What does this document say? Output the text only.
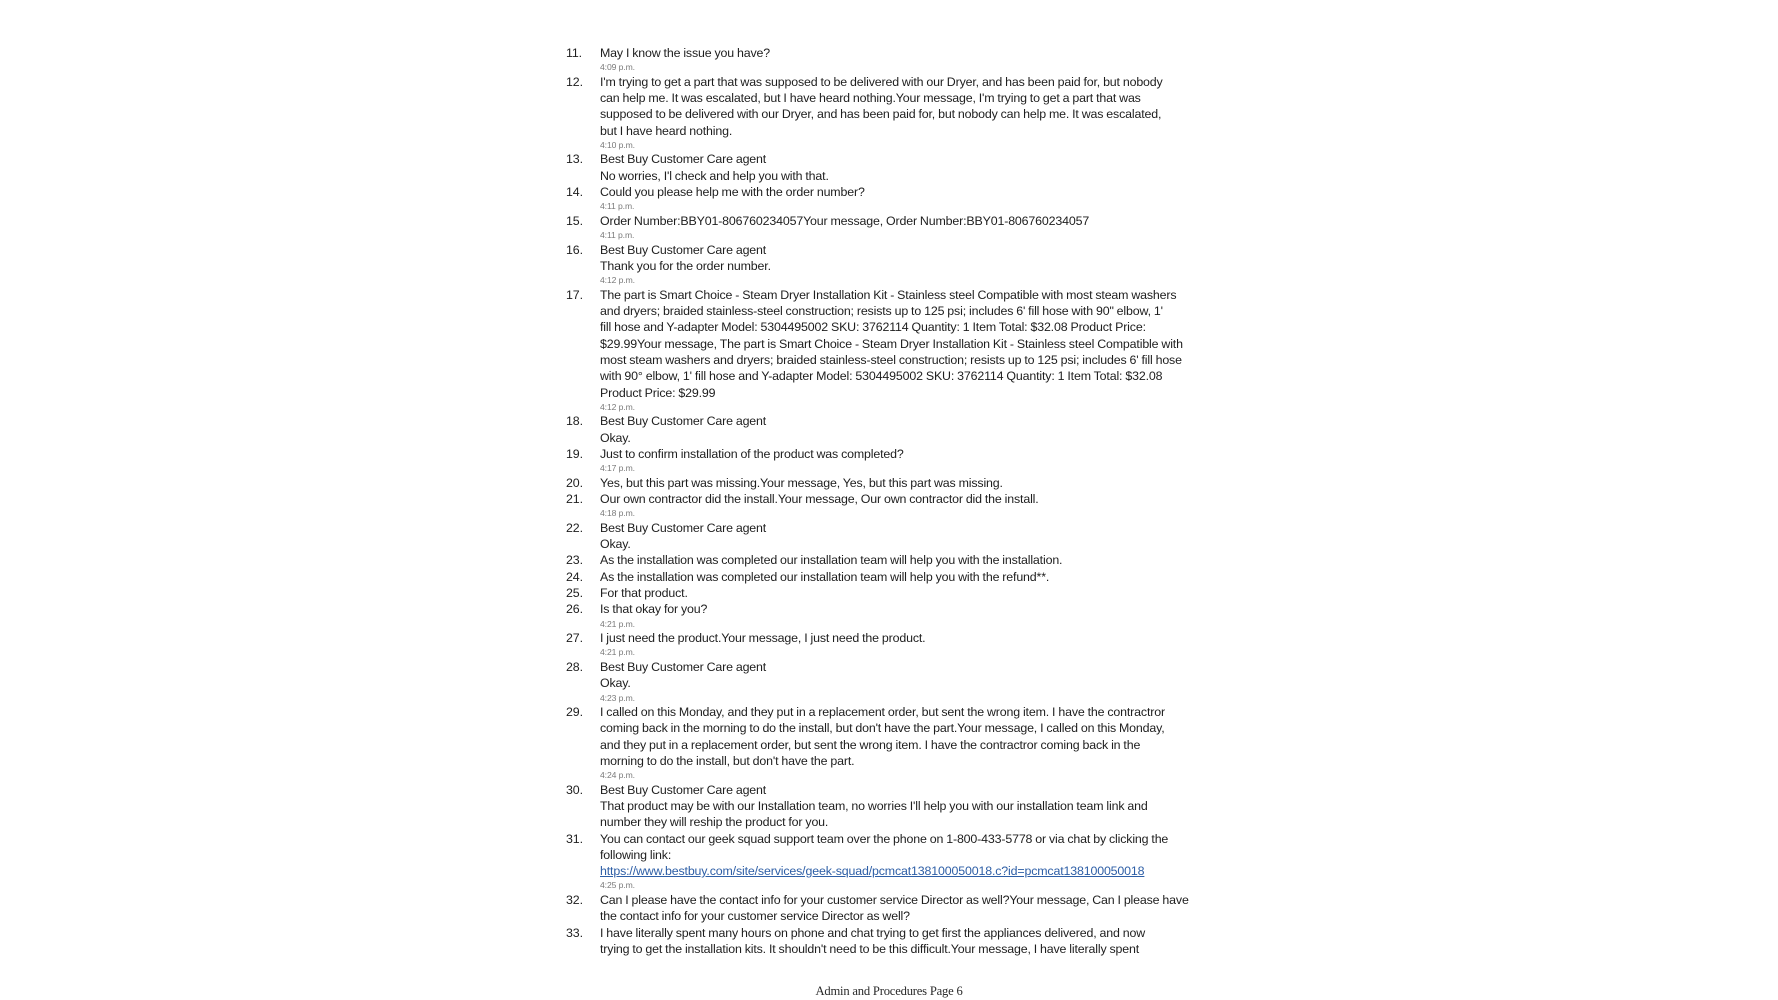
11.	May I know the issue you have?
4:09 p.m.
12.	I'm trying to get a part that was supposed to be delivered with our Dryer, and has been paid for, but nobody
can help me. It was escalated, but I have heard nothing.Your message, I'm trying to get a part that was
supposed to be delivered with our Dryer, and has been paid for, but nobody can help me. It was escalated,
but I have heard nothing.
4:10 p.m.
13.	Best Buy Customer Care agent
No worries, I'l check and help you with that.
14.	Could you please help me with the order number?
4:11 p.m.
15.	Order Number:BBY01-806760234057Your message, Order Number:BBY01-806760234057
4:11 p.m.
16.	Best Buy Customer Care agent
Thank you for the order number.
4:12 p.m.
17.	The part is Smart Choice - Steam Dryer Installation Kit - Stainless steel Compatible with most steam washers
and dryers; braided stainless-steel construction; resists up to 125 psi; includes 6' fill hose with 90" elbow, 1'
fill hose and Y-adapter Model: 5304495002 SKU: 3762114 Quantity: 1 Item Total: $32.08 Product Price:
$29.99Your message, The part is Smart Choice - Steam Dryer Installation Kit - Stainless steel Compatible with
most steam washers and dryers; braided stainless-steel construction; resists up to 125 psi; includes 6' fill hose
with 90° elbow, 1' fill hose and Y-adapter Model: 5304495002 SKU: 3762114 Quantity: 1 Item Total: $32.08
Product Price: $29.99
4:12 p.m.
18.	Best Buy Customer Care agent
Okay.
19.	Just to confirm installation of the product was completed?
4:17 p.m.
20.	Yes, but this part was missing.Your message, Yes, but this part was missing.
21.	Our own contractor did the install.Your message, Our own contractor did the install.
4:18 p.m.
22.	Best Buy Customer Care agent
Okay.
23.	As the installation was completed our installation team will help you with the installation.
24.	As the installation was completed our installation team will help you with the refund**.
25.	For that product.
26.	Is that okay for you?
4:21 p.m.
27.	I just need the product.Your message, I just need the product.
4:21 p.m.
28.	Best Buy Customer Care agent
Okay.
4:23 p.m.
29.	I called on this Monday, and they put in a replacement order, but sent the wrong item. I have the contractror
coming back in the morning to do the install, but don't have the part.Your message, I called on this Monday,
and they put in a replacement order, but sent the wrong item. I have the contractror coming back in the
morning to do the install, but don't have the part.
4:24 p.m.
30.	Best Buy Customer Care agent
That product may be with our Installation team, no worries I'll help you with our installation team link and
number they will reship the product for you.
31.	You can contact our geek squad support team over the phone on 1-800-433-5778 or via chat by clicking the
following link:
https://www.bestbuy.com/site/services/geek-squad/pcmcat138100050018.c?id=pcmcat138100050018
4:25 p.m.
32.	Can I please have the contact info for your customer service Director as well?Your message, Can I please have
the contact info for your customer service Director as well?
33.	I have literally spent many hours on phone and chat trying to get first the appliances delivered, and now
trying to get the installation kits. It shouldn't need to be this difficult.Your message, I have literally spent
Admin and Procedures Page 6
